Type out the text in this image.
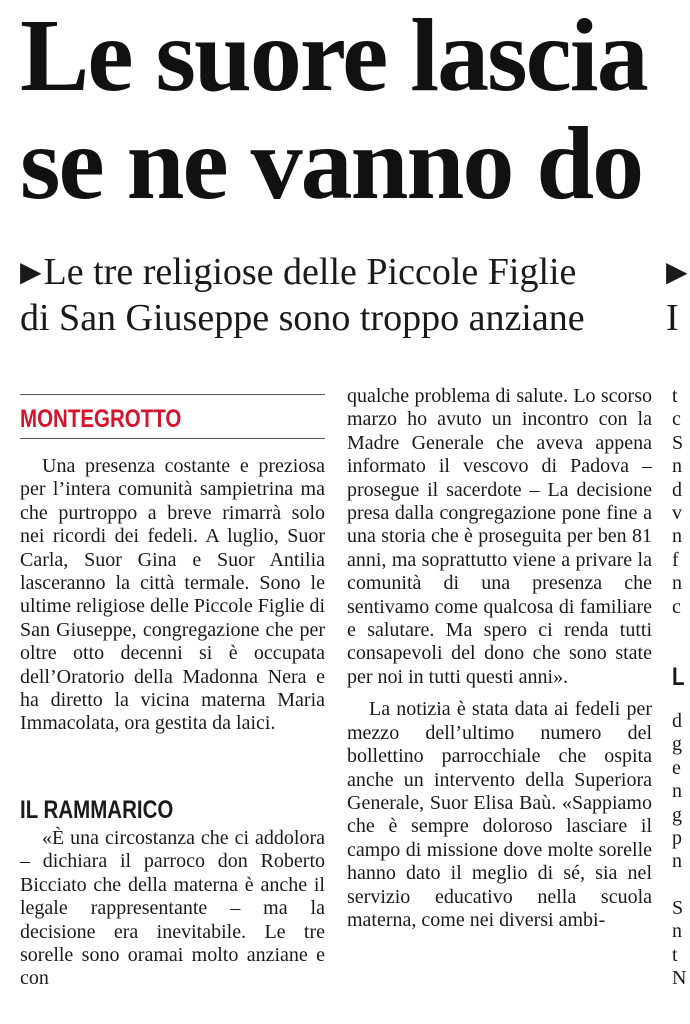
Le suore lascia
se ne vanno do
▶Le tre religiose delle Piccole Figlie
di San Giuseppe sono troppo anziane
▶
I
MONTEGROTTO

Una presenza costante e preziosa per l’intera comunità sampietrina ma che purtroppo a breve rimarrà solo nei ricordi dei fedeli. A luglio, Suor Carla, Suor Gina e Suor Antilia lasceranno la città termale. Sono le ultime religiose delle Piccole Figlie di San Giuseppe, congregazione che per oltre otto decenni si è occupata dell’Oratorio della Madonna Nera e ha diretto la vicina materna Maria Immacolata, ora gestita da laici.

IL RAMMARICO

«È una circostanza che ci addolora – dichiara il parroco don Roberto Bicciato che della materna è anche il legale rappresentante – ma la decisione era inevitabile. Le tre sorelle sono oramai molto anziane e con

qualche problema di salute. Lo scorso marzo ho avuto un incontro con la Madre Generale che aveva appena informato il vescovo di Padova – prosegue il sacerdote – La decisione presa dalla congregazione pone fine a una storia che è proseguita per ben 81 anni, ma soprattutto viene a privare la comunità di una presenza che sentivamo come qualcosa di familiare e salutare. Ma spero ci renda tutti consapevoli del dono che sono state per noi in tutti questi anni».

La notizia è stata data ai fedeli per mezzo dell’ultimo numero del bollettino parrocchiale che ospita anche un intervento della Superiora Generale, Suor Elisa Baù. «Sappiamo che è sempre doloroso lasciare il campo di missione dove molte sorelle hanno dato il meglio di sé, sia nel servizio educativo nella scuola materna, come nei diversi ambi-

t
c
S
n
d
v
n
f
n
c
L
d
g
e
n
g
p
n
S
n
t
N
